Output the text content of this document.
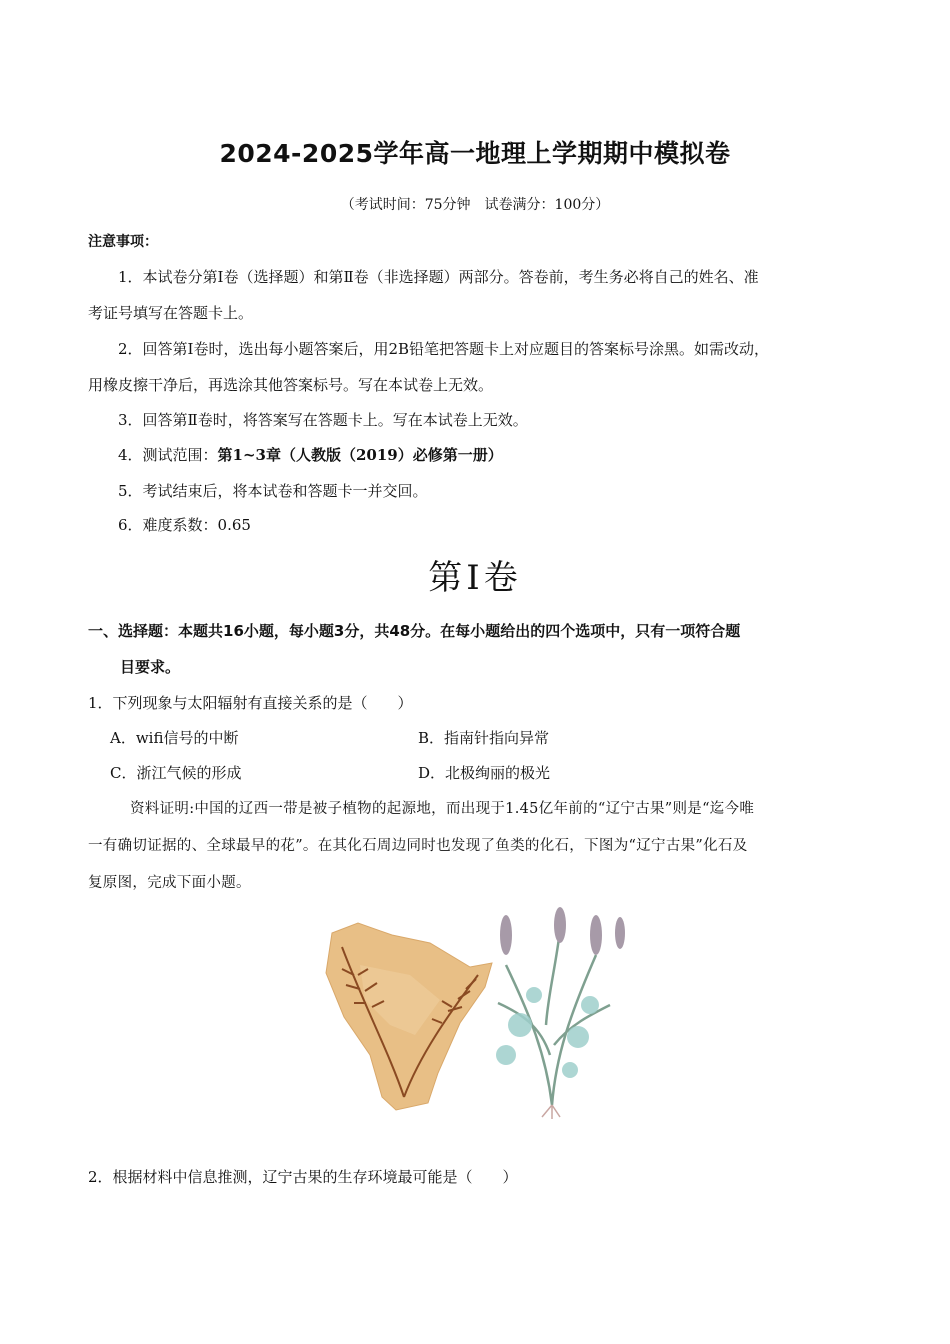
2024-2025学年高一地理上学期期中模拟卷
（考试时间：75分钟　试卷满分：100分）
注意事项：
1．本试卷分第Ⅰ卷（选择题）和第Ⅱ卷（非选择题）两部分。答卷前，考生务必将自己的姓名、准
考证号填写在答题卡上。
2．回答第Ⅰ卷时，选出每小题答案后，用2B铅笔把答题卡上对应题目的答案标号涂黑。如需改动，
用橡皮擦干净后，再选涂其他答案标号。写在本试卷上无效。
3．回答第Ⅱ卷时，将答案写在答题卡上。写在本试卷上无效。
4．测试范围：第1~3章（人教版（2019）必修第一册）
5．考试结束后，将本试卷和答题卡一并交回。
6．难度系数：0.65
第Ⅰ卷
一、选择题：本题共16小题，每小题3分，共48分。在每小题给出的四个选项中，只有一项符合题
目要求。
1．下列现象与太阳辐射有直接关系的是（　　）
A．wifi信号的中断	B．指南针指向异常
C．浙江气候的形成	D．北极绚丽的极光
资料证明:中国的辽西一带是被子植物的起源地，而出现于1.45亿年前的“辽宁古果”则是“迄今唯
一有确切证据的、全球最早的花”。在其化石周边同时也发现了鱼类的化石，下图为“辽宁古果”化石及
复原图，完成下面小题。
2．根据材料中信息推测，辽宁古果的生存环境最可能是（　　）
